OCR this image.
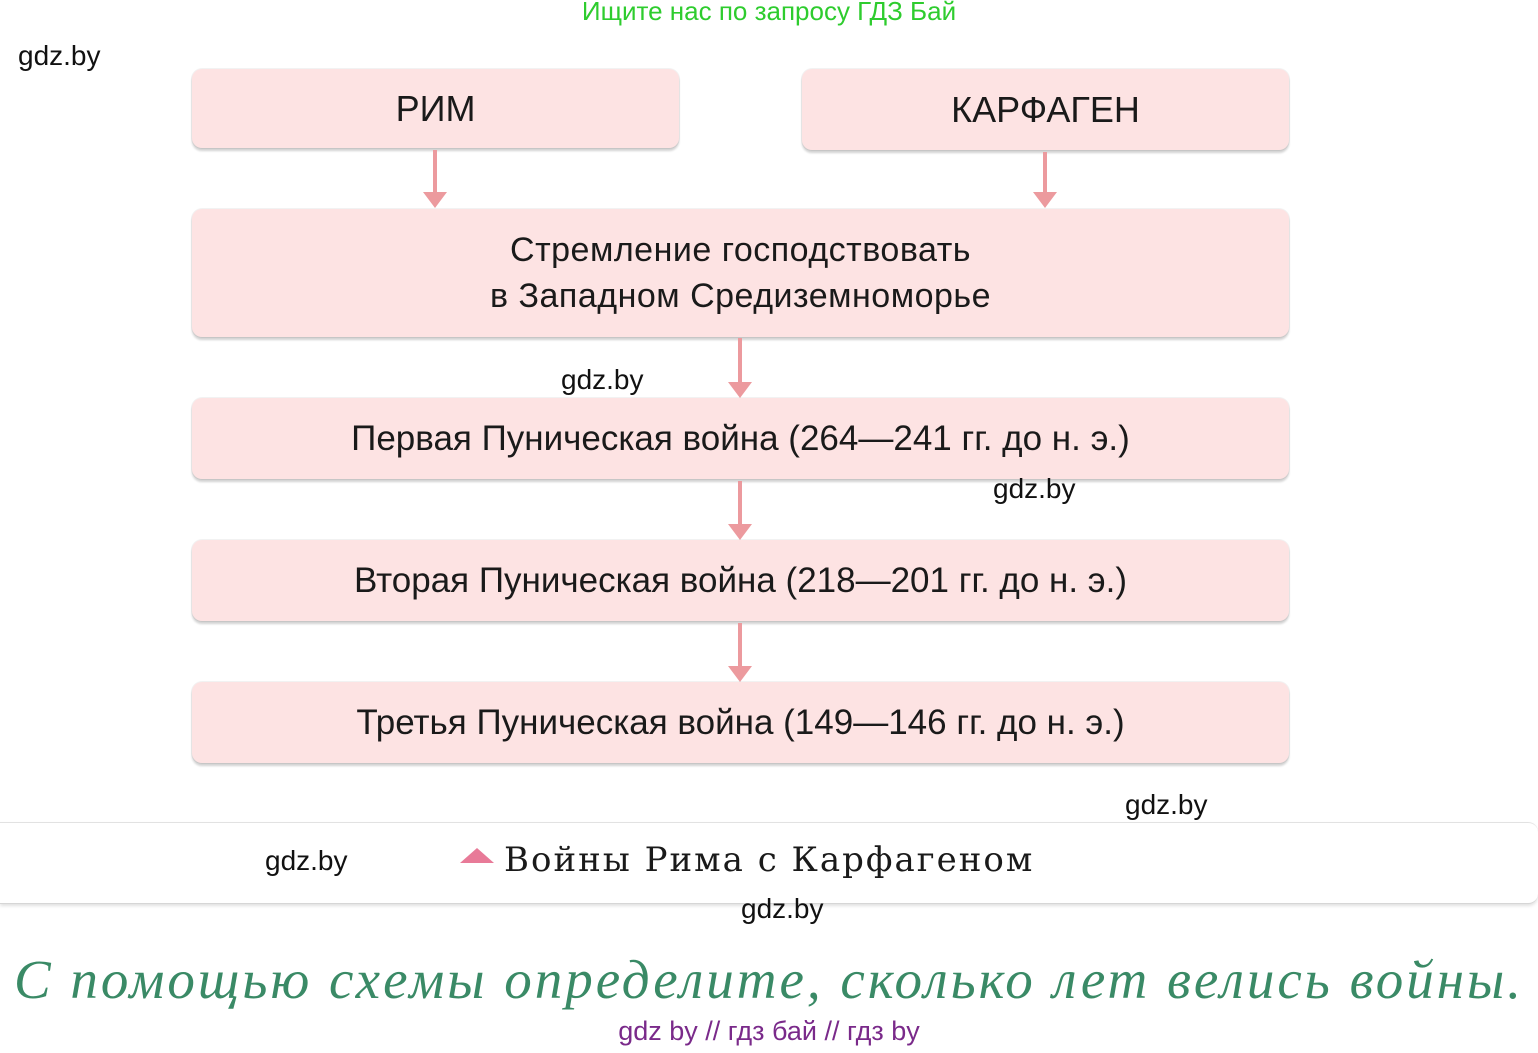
Ищите нас по запросу ГДЗ Бай
gdz.by
РИМ	КАРФАГЕН
Стремление господствовать
в Западном Средиземноморье
gdz.by
Первая Пуническая война (264—241 гг. до н. э.)
gdz.by
Вторая Пуническая война (218—201 гг. до н. э.)
Третья Пуническая война (149—146 гг. до н. э.)
gdz.by
gdz.by	Войны Рима с Карфагеном
gdz.by
С помощью схемы определите, сколько лет велись войны.
gdz by // гдз бай // гдз by
